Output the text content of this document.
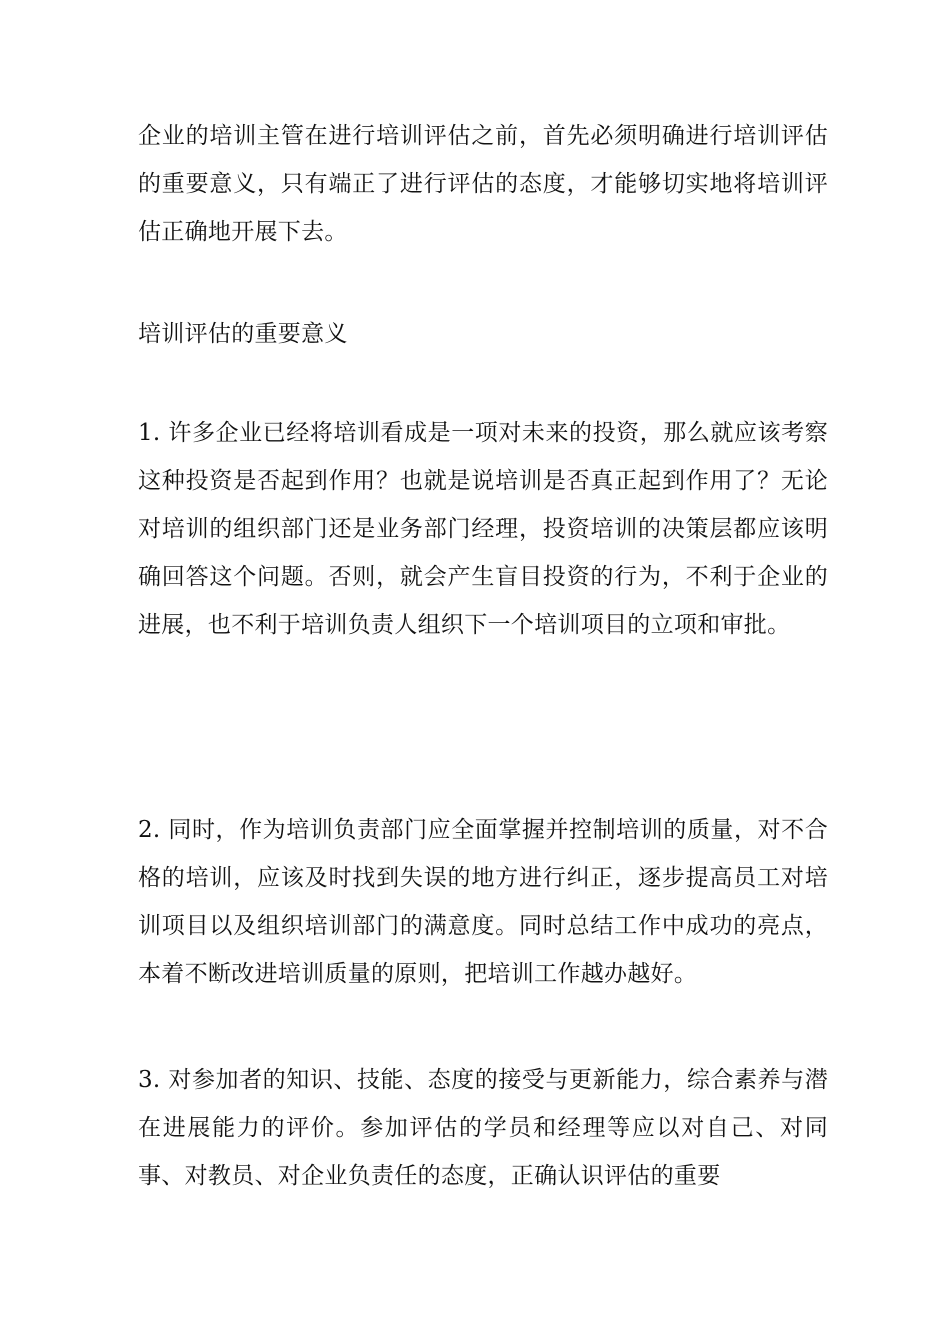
企业的培训主管在进行培训评估之前，首先必须明确进行培训评估的重要意义，只有端正了进行评估的态度，才能够切实地将培训评估正确地开展下去。

培训评估的重要意义

1. 许多企业已经将培训看成是一项对未来的投资，那么就应该考察这种投资是否起到作用？也就是说培训是否真正起到作用了？无论对培训的组织部门还是业务部门经理，投资培训的决策层都应该明确回答这个问题。否则，就会产生盲目投资的行为，不利于企业的进展，也不利于培训负责人组织下一个培训项目的立项和审批。

2. 同时，作为培训负责部门应全面掌握并控制培训的质量，对不合格的培训，应该及时找到失误的地方进行纠正，逐步提高员工对培训项目以及组织培训部门的满意度。同时总结工作中成功的亮点，本着不断改进培训质量的原则，把培训工作越办越好。

3. 对参加者的知识、技能、态度的接受与更新能力，综合素养与潜在进展能力的评价。参加评估的学员和经理等应以对自己、对同事、对教员、对企业负责任的态度，正确认识评估的重要
